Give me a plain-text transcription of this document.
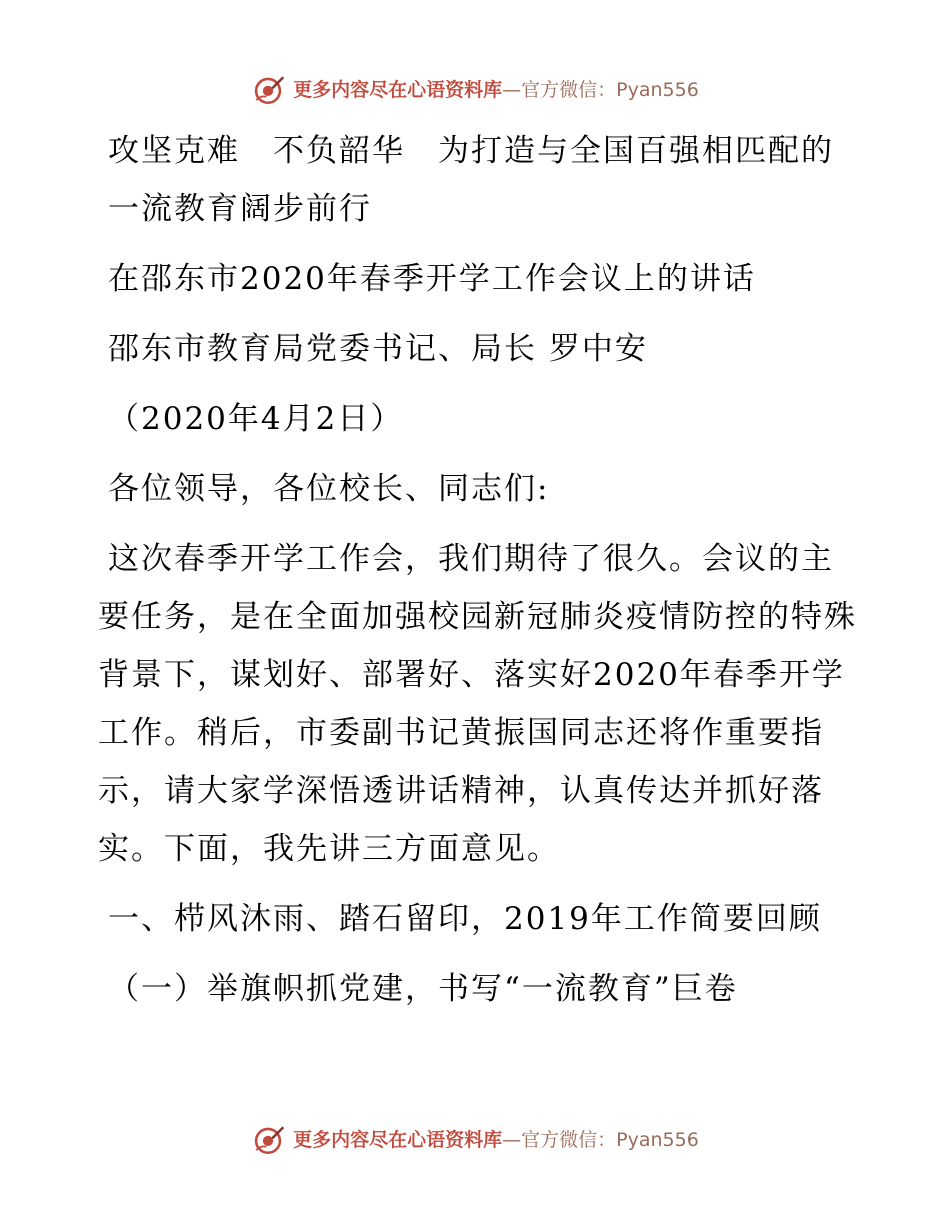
更多内容尽在心语资料库—官方微信：Pyan556

攻坚克难　不负韶华　为打造与全国百强相匹配的一流教育阔步前行

在邵东市2020年春季开学工作会议上的讲话

邵东市教育局党委书记、局长 罗中安

（2020年4月2日）

各位领导，各位校长、同志们:

这次春季开学工作会，我们期待了很久。会议的主要任务，是在全面加强校园新冠肺炎疫情防控的特殊背景下，谋划好、部署好、落实好2020年春季开学工作。稍后，市委副书记黄振国同志还将作重要指示，请大家学深悟透讲话精神，认真传达并抓好落实。下面，我先讲三方面意见。

一、栉风沐雨、踏石留印，2019年工作简要回顾

（一）举旗帜抓党建，书写“一流教育”巨卷

更多内容尽在心语资料库—官方微信：Pyan556
